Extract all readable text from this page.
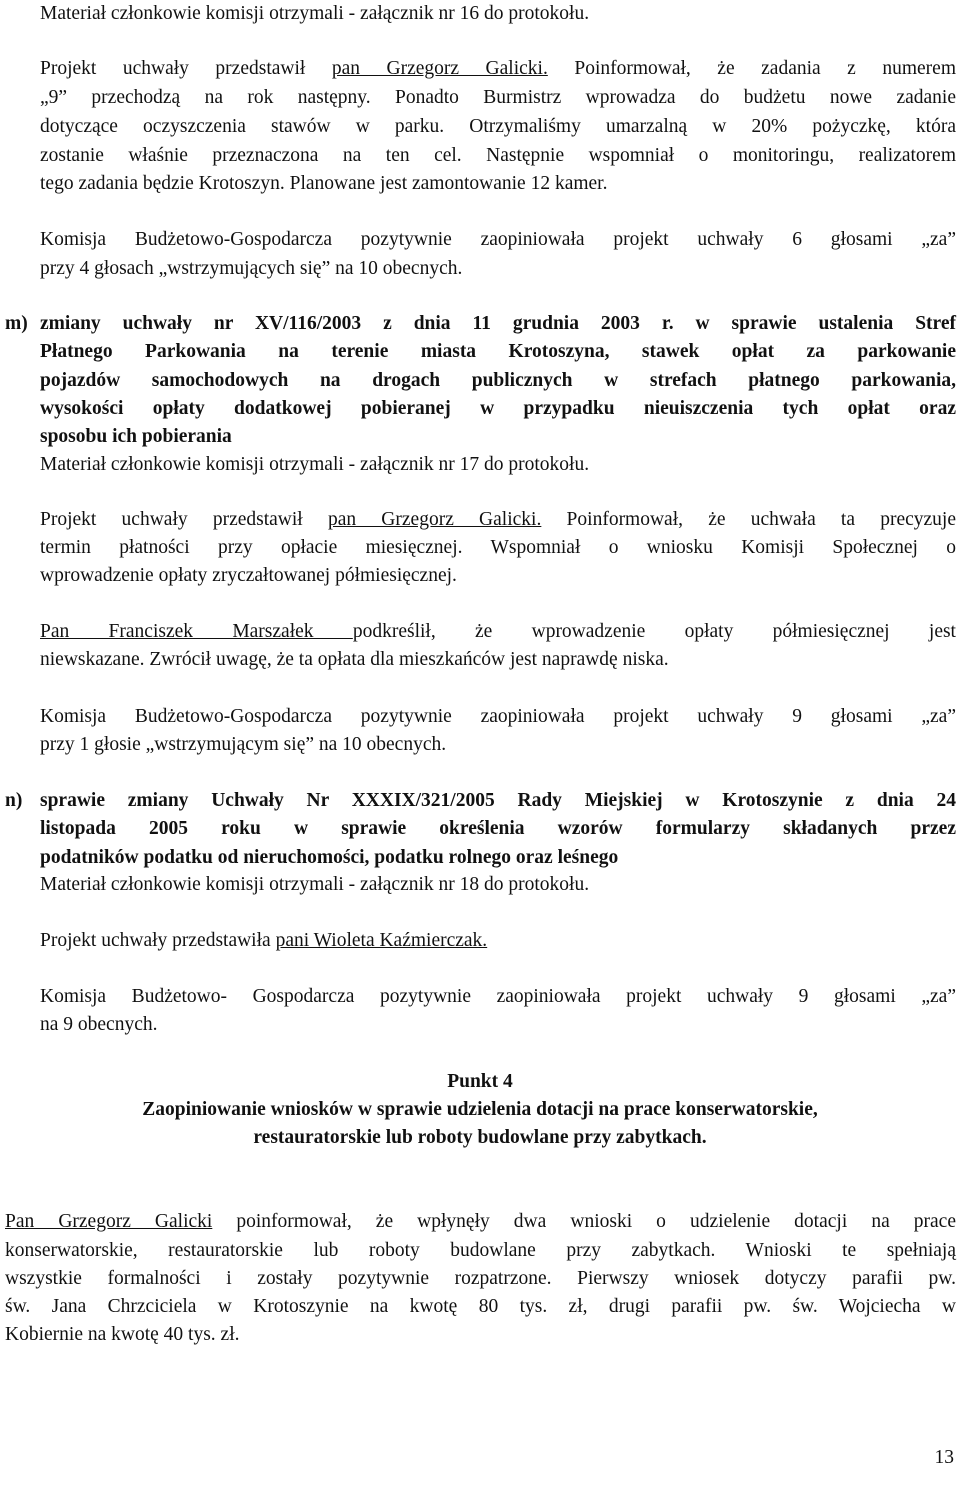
Materiał członkowie komisji otrzymali - załącznik nr 16 do protokołu.
Projekt uchwały przedstawił pan Grzegorz Galicki. Poinformował, że zadania z numerem
„9” przechodzą na rok następny. Ponadto Burmistrz wprowadza do budżetu nowe zadanie
dotyczące oczyszczenia stawów w parku. Otrzymaliśmy umarzalną w 20% pożyczkę, która
zostanie właśnie przeznaczona na ten cel. Następnie wspomniał o monitoringu, realizatorem
tego zadania będzie Krotoszyn. Planowane jest zamontowanie 12 kamer.
Komisja Budżetowo-Gospodarcza pozytywnie zaopiniowała projekt uchwały 6 głosami „za”
przy 4 głosach „wstrzymujących się” na 10 obecnych.
m) zmiany uchwały nr XV/116/2003 z dnia 11 grudnia 2003 r. w sprawie ustalenia Stref
Płatnego Parkowania na terenie miasta Krotoszyna, stawek opłat za parkowanie
pojazdów samochodowych na drogach publicznych w strefach płatnego parkowania,
wysokości opłaty dodatkowej pobieranej w przypadku nieuiszczenia tych opłat oraz
sposobu ich pobierania
Materiał członkowie komisji otrzymali - załącznik nr 17 do protokołu.
Projekt uchwały przedstawił pan Grzegorz Galicki. Poinformował, że uchwała ta precyzuje
termin płatności przy opłacie miesięcznej. Wspomniał o wniosku Komisji Społecznej o
wprowadzenie opłaty zryczałtowanej półmiesięcznej.
Pan Franciszek Marszałek podkreślił, że wprowadzenie opłaty półmiesięcznej jest
niewskazane. Zwrócił uwagę, że ta opłata dla mieszkańców jest naprawdę niska.
Komisja Budżetowo-Gospodarcza pozytywnie zaopiniowała projekt uchwały 9 głosami „za”
przy 1 głosie „wstrzymującym się” na 10 obecnych.
n) sprawie zmiany Uchwały Nr XXXIX/321/2005 Rady Miejskiej w Krotoszynie z dnia 24
listopada 2005 roku w sprawie określenia wzorów formularzy składanych przez
podatników podatku od nieruchomości, podatku rolnego oraz leśnego
Materiał członkowie komisji otrzymali - załącznik nr 18 do protokołu.
Projekt uchwały przedstawiła pani Wioleta Kaźmierczak.
Komisja Budżetowo- Gospodarcza pozytywnie zaopiniowała projekt uchwały 9 głosami „za”
na 9 obecnych.
Punkt 4
Zaopiniowanie wniosków w sprawie udzielenia dotacji na prace konserwatorskie,
restauratorskie lub roboty budowlane przy zabytkach.
Pan Grzegorz Galicki poinformował, że wpłynęły dwa wnioski o udzielenie dotacji na prace
konserwatorskie, restauratorskie lub roboty budowlane przy zabytkach. Wnioski te spełniają
wszystkie formalności i zostały pozytywnie rozpatrzone. Pierwszy wniosek dotyczy parafii pw.
św. Jana Chrzciciela w Krotoszynie na kwotę 80 tys. zł, drugi parafii pw. św. Wojciecha w
Kobiernie na kwotę 40 tys. zł.
13
